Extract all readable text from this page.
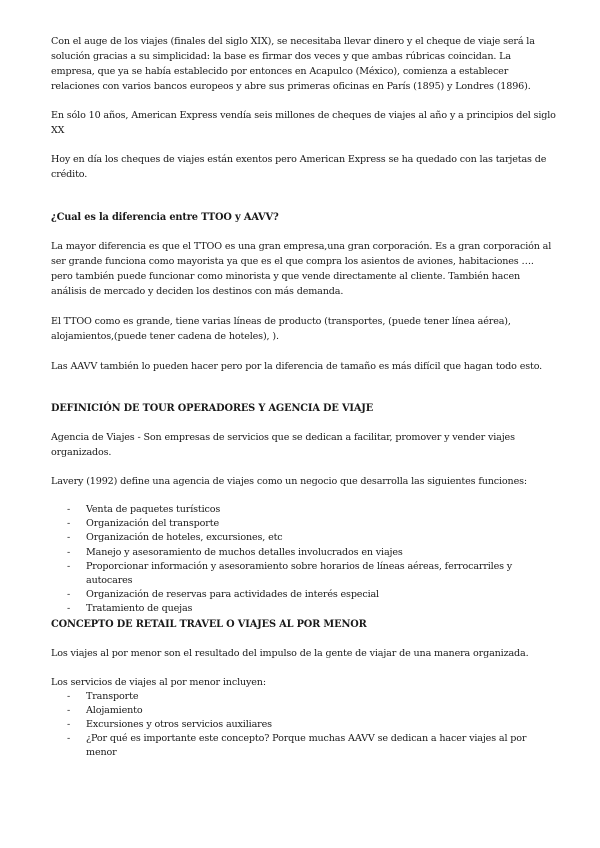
Con el auge de los viajes (finales del siglo XIX), se necesitaba llevar dinero y el cheque de viaje será la solución gracias a su simplicidad: la base es firmar dos veces y que ambas rúbricas coincidan. La empresa, que ya se había establecido por entonces en Acapulco (México), comienza a establecer relaciones con varios bancos europeos y abre sus primeras oficinas en París (1895) y Londres (1896).

En sólo 10 años, American Express vendía seis millones de cheques de viajes al año y a principios del siglo XX

Hoy en día los cheques de viajes están exentos pero American Express se ha quedado con las tarjetas de crédito.

¿Cual es la diferencia entre TTOO y AAVV?

La mayor diferencia es que el TTOO es una gran empresa,una gran corporación. Es a gran corporación al ser grande funciona como mayorista ya que es el que compra los asientos de aviones, habitaciones …. pero también puede funcionar como minorista y que vende directamente al cliente. También hacen análisis de mercado y deciden los destinos con más demanda.

El TTOO como es grande, tiene varias líneas de producto (transportes, (puede tener línea aérea), alojamientos,(puede tener cadena de hoteles), ).

Las AAVV también lo pueden hacer pero por la diferencia de tamaño es más difícil que hagan todo esto.

DEFINICIÓN DE TOUR OPERADORES Y AGENCIA DE VIAJE

Agencia de Viajes - Son empresas de servicios que se dedican a facilitar, promover y vender viajes organizados.

Lavery (1992) define una agencia de viajes como un negocio que desarrolla las siguientes funciones:

- Venta de paquetes turísticos
- Organización del transporte
- Organización de hoteles, excursiones, etc
- Manejo y asesoramiento de muchos detalles involucrados en viajes
- Proporcionar información y asesoramiento sobre horarios de líneas aéreas, ferrocarriles y autocares
- Organización de reservas para actividades de interés especial
- Tratamiento de quejas
CONCEPTO DE RETAIL TRAVEL O VIAJES AL POR MENOR

Los viajes al por menor son el resultado del impulso de la gente de viajar de una manera organizada.

Los servicios de viajes al por menor incluyen:

- Transporte
- Alojamiento
- Excursiones y otros servicios auxiliares
- ¿Por qué es importante este concepto? Porque muchas AAVV se dedican a hacer viajes al por menor
